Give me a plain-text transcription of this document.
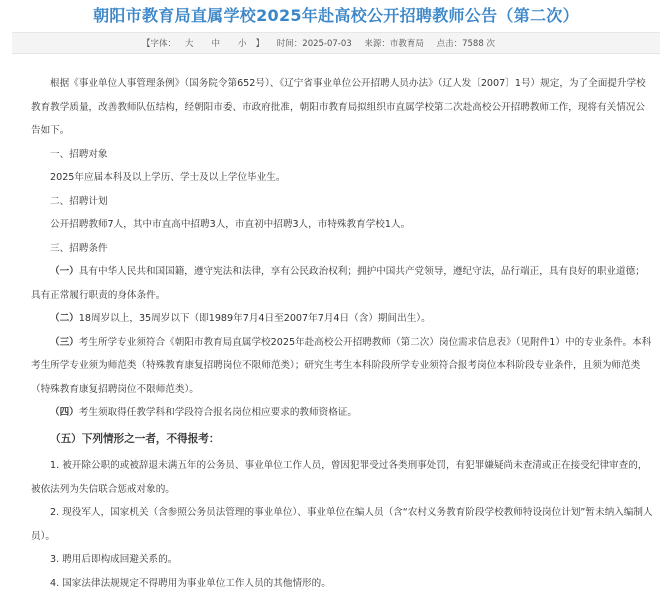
朝阳市教育局直属学校2025年赴高校公开招聘教师公告（第二次）
【字体： 大 中 小 】 时间：2025-07-03 来源：市教育局 点击：7588 次

根据《事业单位人事管理条例》（国务院令第652号）、《辽宁省事业单位公开招聘人员办法》（辽人发〔2007〕1号）规定，为了全面提升学校教育教学质量，改善教师队伍结构，经朝阳市委、市政府批准，朝阳市教育局拟组织市直属学校第二次赴高校公开招聘教师工作，现将有关情况公告如下。

一、招聘对象

2025年应届本科及以上学历、学士及以上学位毕业生。

二、招聘计划

公开招聘教师7人，其中市直高中招聘3人，市直初中招聘3人，市特殊教育学校1人。

三、招聘条件

（一）具有中华人民共和国国籍，遵守宪法和法律，享有公民政治权利；拥护中国共产党领导，遵纪守法，品行端正，具有良好的职业道德；具有正常履行职责的身体条件。

（二）18周岁以上，35周岁以下（即1989年7月4日至2007年7月4日（含）期间出生）。

（三）考生所学专业须符合《朝阳市教育局直属学校2025年赴高校公开招聘教师（第二次）岗位需求信息表》（见附件1）中的专业条件。本科考生所学专业须为师范类（特殊教育康复招聘岗位不限师范类）；研究生考生本科阶段所学专业须符合报考岗位本科阶段专业条件，且须为师范类（特殊教育康复招聘岗位不限师范类）。

（四）考生须取得任教学科和学段符合报名岗位相应要求的教师资格证。

（五）下列情形之一者，不得报考：

1. 被开除公职的或被辞退未满五年的公务员、事业单位工作人员，曾因犯罪受过各类刑事处罚，有犯罪嫌疑尚未查清或正在接受纪律审查的，被依法列为失信联合惩戒对象的。

2. 现役军人，国家机关（含参照公务员法管理的事业单位）、事业单位在编人员（含“农村义务教育阶段学校教师特设岗位计划”暂未纳入编制人员）。

3. 聘用后即构成回避关系的。

4. 国家法律法规规定不得聘用为事业单位工作人员的其他情形的。
